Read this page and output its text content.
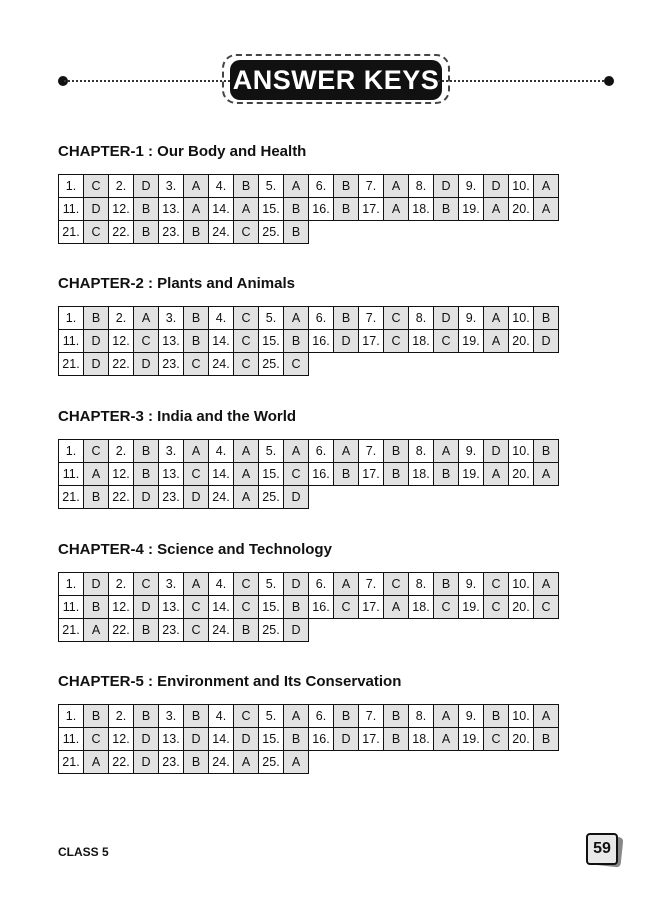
ANSWER KEYS
CHAPTER-1 : Our Body and Health
1.	C	2.	D	3.	A	4.	B	5.	A	6.	B	7.	A	8.	D	9.	D	10.	A
11.	D	12.	B	13.	A	14.	A	15.	B	16.	B	17.	A	18.	B	19.	A	20.	A
21.	C	22.	B	23.	B	24.	C	25.	B										
CHAPTER-2 : Plants and Animals
1.	B	2.	A	3.	B	4.	C	5.	A	6.	B	7.	C	8.	D	9.	A	10.	B
11.	D	12.	C	13.	B	14.	C	15.	B	16.	D	17.	C	18.	C	19.	A	20.	D
21.	D	22.	D	23.	C	24.	C	25.	C										
CHAPTER-3 : India and the World
1.	C	2.	B	3.	A	4.	A	5.	A	6.	A	7.	B	8.	A	9.	D	10.	B
11.	A	12.	B	13.	C	14.	A	15.	C	16.	B	17.	B	18.	B	19.	A	20.	A
21.	B	22.	D	23.	D	24.	A	25.	D										
CHAPTER-4 : Science and Technology
1.	D	2.	C	3.	A	4.	C	5.	D	6.	A	7.	C	8.	B	9.	C	10.	A
11.	B	12.	D	13.	C	14.	C	15.	B	16.	C	17.	A	18.	C	19.	C	20.	C
21.	A	22.	B	23.	C	24.	B	25.	D										
CHAPTER-5 : Environment and Its Conservation
1.	B	2.	B	3.	B	4.	C	5.	A	6.	B	7.	B	8.	A	9.	B	10.	A
11.	C	12.	D	13.	D	14.	D	15.	B	16.	D	17.	B	18.	A	19.	C	20.	B
21.	A	22.	D	23.	B	24.	A	25.	A										
CLASS 5	59
